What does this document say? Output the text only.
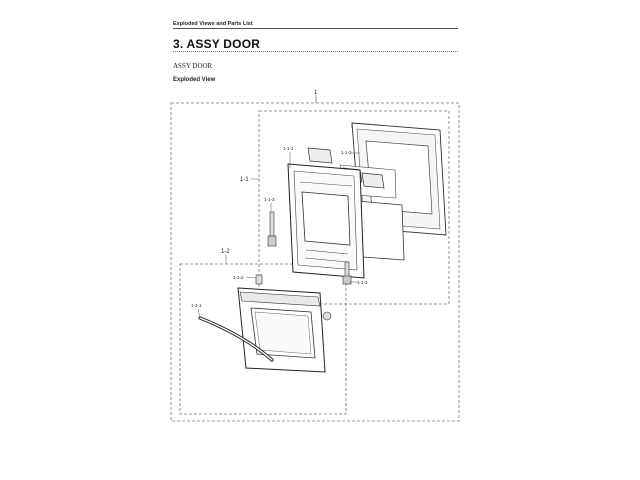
Exploded Views and Parts List
3. ASSY DOOR
ASSY DOOR
Exploded View
1
1-1
1-2
1-1-1
1-1-2
1-1-3
1-1-3
1-2-1
1-2-2
